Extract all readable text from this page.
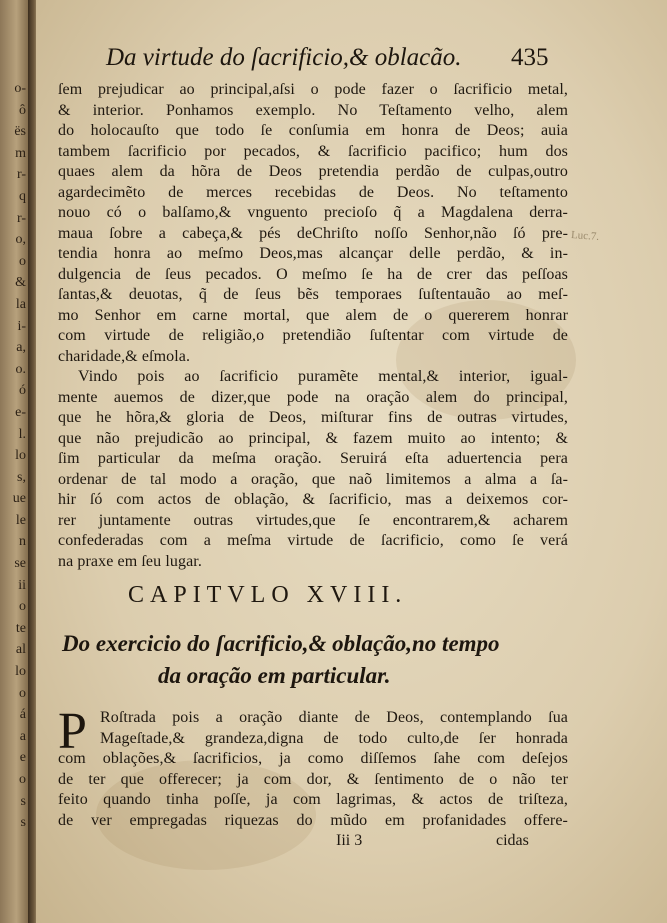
o-
ô
ës
m
r-
q
r-
o,
o
&
la
i-
a,
o.
ó
e-
l.
lo
s,
ue
le
n
se
ii
o
te
al
lo
o
á
a
e
o
s
s
Da virtude do ſacrificio,& oblacão. 435
Luc.7.
ſem prejudicar ao principal,aſsi o pode fazer o ſacrificio metal,
& interior. Ponhamos exemplo. No Teſtamento velho, alem
do holocauſto que todo ſe conſumia em honra de Deos; auia
tambem ſacrificio por pecados, & ſacrificio pacifico; hum dos
quaes alem da hõra de Deos pretendia perdão de culpas,outro
agardecimẽto de merces recebidas de Deos. No teſtamento
nouo có o balſamo,& vnguento precioſo q̃ a Magdalena derra-
maua ſobre a cabeça,& pés deChriſto noſſo Senhor,não ſó pre-
tendia honra ao meſmo Deos,mas alcançar delle perdão, & in-
dulgencia de ſeus pecados. O meſmo ſe ha de crer das peſſoas
ſantas,& deuotas, q̃ de ſeus bẽs temporaes ſuſtentauão ao meſ-
mo Senhor em carne mortal, que alem de o quererem honrar
com virtude de religião,o pretendião ſuſtentar com virtude de
charidade,& eſmola.
Vindo pois ao ſacrificio puramẽte mental,& interior, igual-
mente auemos de dizer,que pode na oração alem do principal,
que he hõra,& gloria de Deos, miſturar fins de outras virtudes,
que não prejudicão ao principal, & fazem muito ao intento; &
ſim particular da meſma oração. Seruirá eſta aduertencia pera
ordenar de tal modo a oração, que naõ limitemos a alma a ſa-
hir ſó com actos de oblação, & ſacrificio, mas a deixemos cor-
rer juntamente outras virtudes,que ſe encontrarem,& acharem
confederadas com a meſma virtude de ſacrificio, como ſe verá
na praxe em ſeu lugar.
CAPITVLO XVIII.
Do exercicio do ſacrificio,& oblação,no tempo
da oração em particular.
P Roſtrada pois a oração diante de Deos, contemplando ſua
Mageſtade,& grandeza,digna de todo culto,de ſer honrada
com oblações,& ſacrificios, ja como diſſemos ſahe com deſejos
de ter que offerecer; ja com dor, & ſentimento de o não ter
feito quando tinha poſſe, ja com lagrimas, & actos de triſteza,
de ver empregadas riquezas do mũdo em profanidades offere-
Iii 3	cidas
